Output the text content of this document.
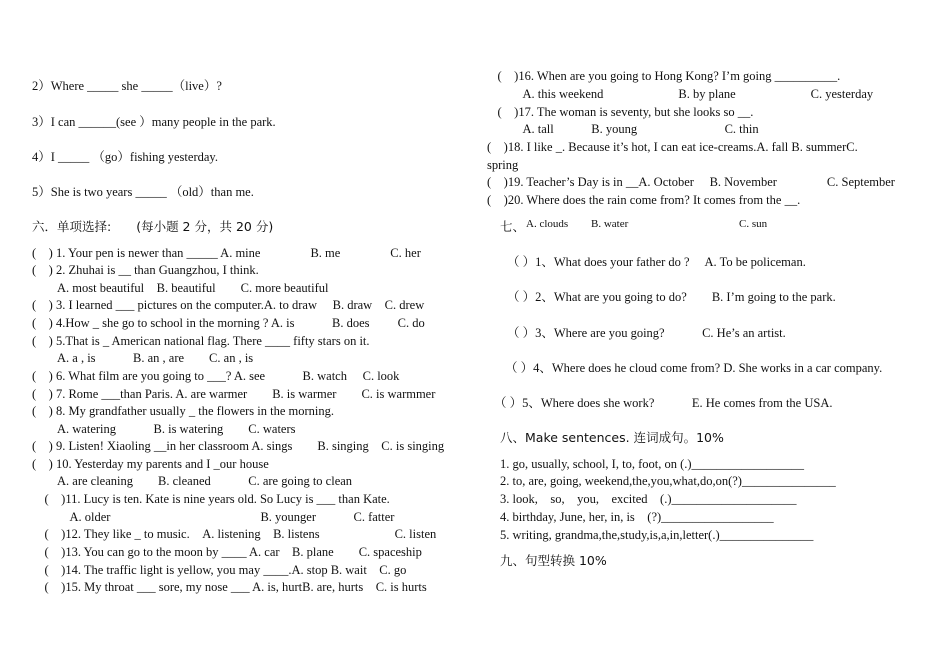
2）Where _____ she _____（live）?
3）I can ______(see ）many people in the park.
4）I _____ （go）fishing yesterday.
5）She is two years _____ （old）than me.
六．单项选择:　　(每小题 2 分，共 20 分)
(　) 1. Your pen is newer than _____ A. mine　　　　B. me　　　　C. her
(　) 2. Zhuhai is __ than Guangzhou, I think.
　　A. most beautiful　B. beautiful　　C. more beautiful
(　) 3. I learned ___ pictures on the computer.A. to draw　 B. draw　C. drew
(　) 4.How _ she go to school in the morning ? A. is　　　B. does　　 C. do
(　) 5.That is _ American national flag. There ____ fifty stars on it.
　　A. a , is　　　B. an , are　　C. an , is
(　) 6. What film are you going to ___? A. see　　　B. watch　 C. look
(　) 7. Rome ___than Paris. A. are warmer　　B. is warmer　　C. is warmmer
(　) 8. My grandfather usually _ the flowers in the morning.
　　A. watering　　　B. is watering　　C. waters
(　) 9. Listen! Xiaoling __in her classroom A. sings　　B. singing　C. is singing
(　) 10. Yesterday my parents and I _our house
　　A. are cleaning　　B. cleaned　　　C. are going to clean
　(　)11. Lucy is ten. Kate is nine years old. So Lucy is ___ than Kate.
　　　A. older　　　　　　　　　　　　B. younger　　　C. fatter
　(　)12. They like _ to music.　A. listening　B. listens　　　　　　C. listen
　(　)13. You can go to the moon by ____ A. car　B. plane　　C. spaceship
　(　)14. The traffic light is yellow, you may ____.A. stop B. wait　C. go
　(　)15. My throat ___ sore, my nose ___ A. is, hurtB. are, hurts　C. is hurts
　(　)16. When are you going to Hong Kong? I’m going __________.
　　　A. this weekend　　　　　　B. by plane　　　　　　C. yesterday
　(　)17. The woman is seventy, but she looks so __.
　　　A. tall　　　B. young　　　　　　　C. thin
(　)18. I like _. Because it’s hot, I can eat ice-creams.A. fall B. summerC.
spring
(　)19. Teacher’s Day is in __A. October　 B. November　　　　C. September
(　)20. Where does the rain come from? It comes from the __.
七、 A. clouds B. water	C. sun
（ ）1、What does your father do ?　 A. To be policeman.
（ ）2、What are you going to do?　　B. I’m going to the park.
（ ）3、Where are you going?　　　C. He’s an artist.
（ ）4、Where does he cloud come from? D. She works in a car company.
（ ）5、Where does she work?　　　E. He comes from the USA.
八、Make sentences. 连词成句。10%
1. go, usually, school, I, to, foot, on (.)__________________
2. to, are, going, weekend,the,you,what,do,on(?)_______________
3. look,　so,　you,　excited　(.)____________________
4. birthday, June, her, in, is　(?)__________________
5. writing, grandma,the,study,is,a,in,letter(.)_______________
九、句型转换 10%
